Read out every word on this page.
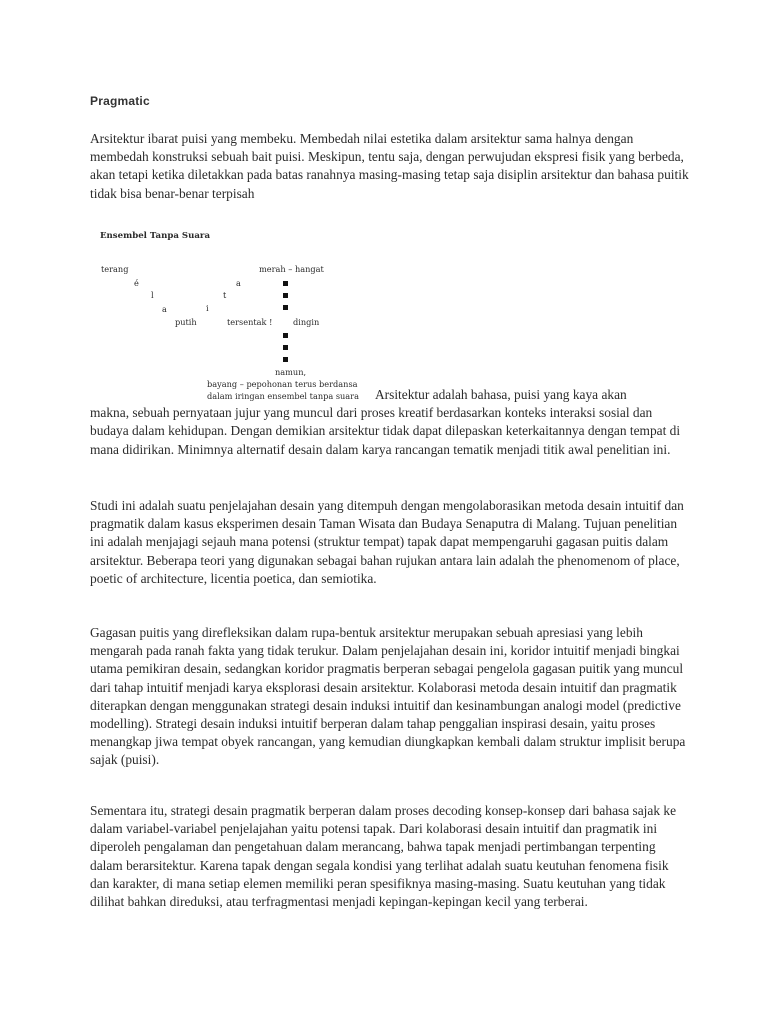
Pragmatic

Arsitektur ibarat puisi yang membeku. Membedah nilai estetika dalam arsitektur sama halnya dengan membedah konstruksi sebuah bait puisi. Meskipun, tentu saja, dengan perwujudan ekspresi fisik yang berbeda, akan tetapi ketika diletakkan pada batas ranahnya masing-masing tetap saja disiplin arsitektur dan bahasa puitik tidak bisa benar-benar terpisah

Ensembel Tanpa Suara
terang
é
l
a
putih
i
t
a
merah – hangat
tersentak !	dingin
namun,
bayang – pepohonan terus berdansa
dalam iringan ensembel tanpa suara	Arsitektur adalah bahasa, puisi yang kaya akan
makna, sebuah pernyataan jujur yang muncul dari proses kreatif berdasarkan konteks interaksi sosial dan budaya dalam kehidupan. Dengan demikian arsitektur tidak dapat dilepaskan keterkaitannya dengan tempat di mana didirikan. Minimnya alternatif desain dalam karya rancangan tematik menjadi titik awal penelitian ini.

Studi ini adalah suatu penjelajahan desain yang ditempuh dengan mengolaborasikan metoda desain intuitif dan pragmatik dalam kasus eksperimen desain Taman Wisata dan Budaya Senaputra di Malang. Tujuan penelitian ini adalah menjajagi sejauh mana potensi (struktur tempat) tapak dapat mempengaruhi gagasan puitis dalam arsitektur. Beberapa teori yang digunakan sebagai bahan rujukan antara lain adalah the phenomenom of place, poetic of architecture, licentia poetica, dan semiotika.

Gagasan puitis yang direfleksikan dalam rupa-bentuk arsitektur merupakan sebuah apresiasi yang lebih mengarah pada ranah fakta yang tidak terukur. Dalam penjelajahan desain ini, koridor intuitif menjadi bingkai utama pemikiran desain, sedangkan koridor pragmatis berperan sebagai pengelola gagasan puitik yang muncul dari tahap intuitif menjadi karya eksplorasi desain arsitektur. Kolaborasi metoda desain intuitif dan pragmatik diterapkan dengan menggunakan strategi desain induksi intuitif dan kesinambungan analogi model (predictive modelling). Strategi desain induksi intuitif berperan dalam tahap penggalian inspirasi desain, yaitu proses menangkap jiwa tempat obyek rancangan, yang kemudian diungkapkan kembali dalam struktur implisit berupa sajak (puisi).

Sementara itu, strategi desain pragmatik berperan dalam proses decoding konsep-konsep dari bahasa sajak ke dalam variabel-variabel penjelajahan yaitu potensi tapak. Dari kolaborasi desain intuitif dan pragmatik ini diperoleh pengalaman dan pengetahuan dalam merancang, bahwa tapak menjadi pertimbangan terpenting dalam berarsitektur. Karena tapak dengan segala kondisi yang terlihat adalah suatu keutuhan fenomena fisik dan karakter, di mana setiap elemen memiliki peran spesifiknya masing-masing. Suatu keutuhan yang tidak dilihat bahkan direduksi, atau terfragmentasi menjadi kepingan-kepingan kecil yang terberai.
